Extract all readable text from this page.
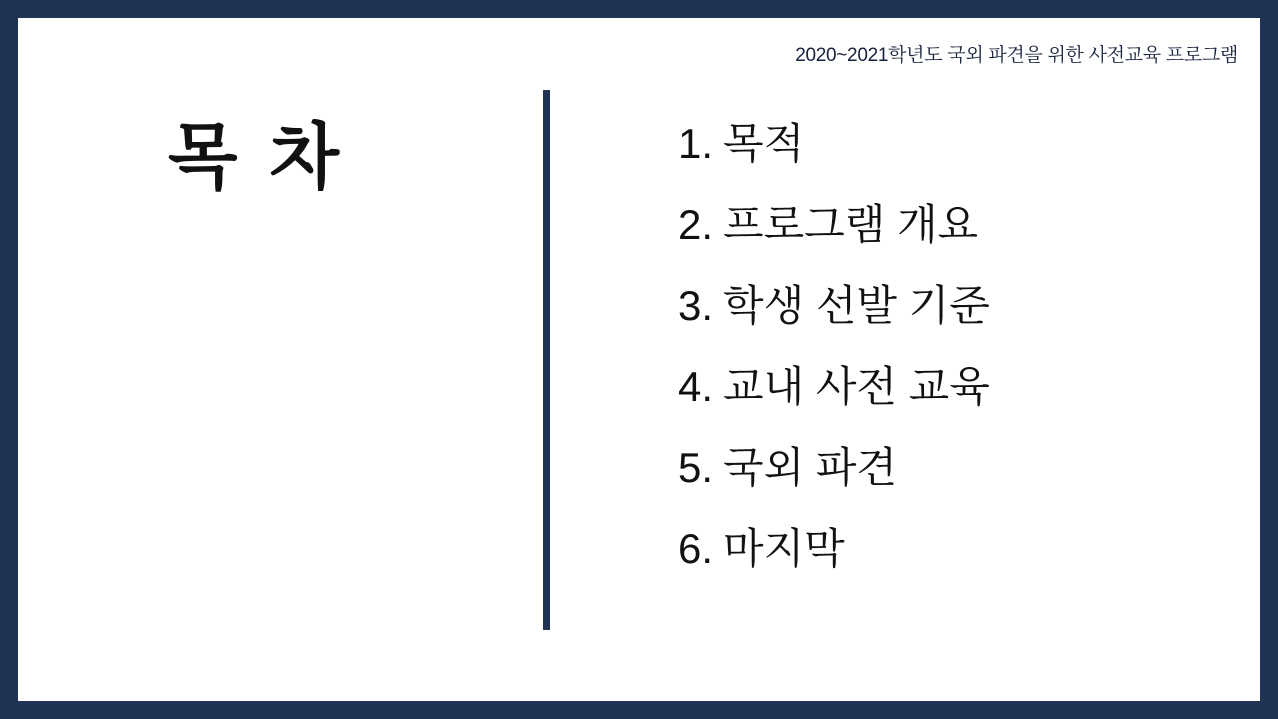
2020~2021학년도 국외 파견을 위한 사전교육 프로그램
목 차	1. 목적
2. 프로그램 개요
3. 학생 선발 기준
4. 교내 사전 교육
5. 국외 파견
6. 마지막
